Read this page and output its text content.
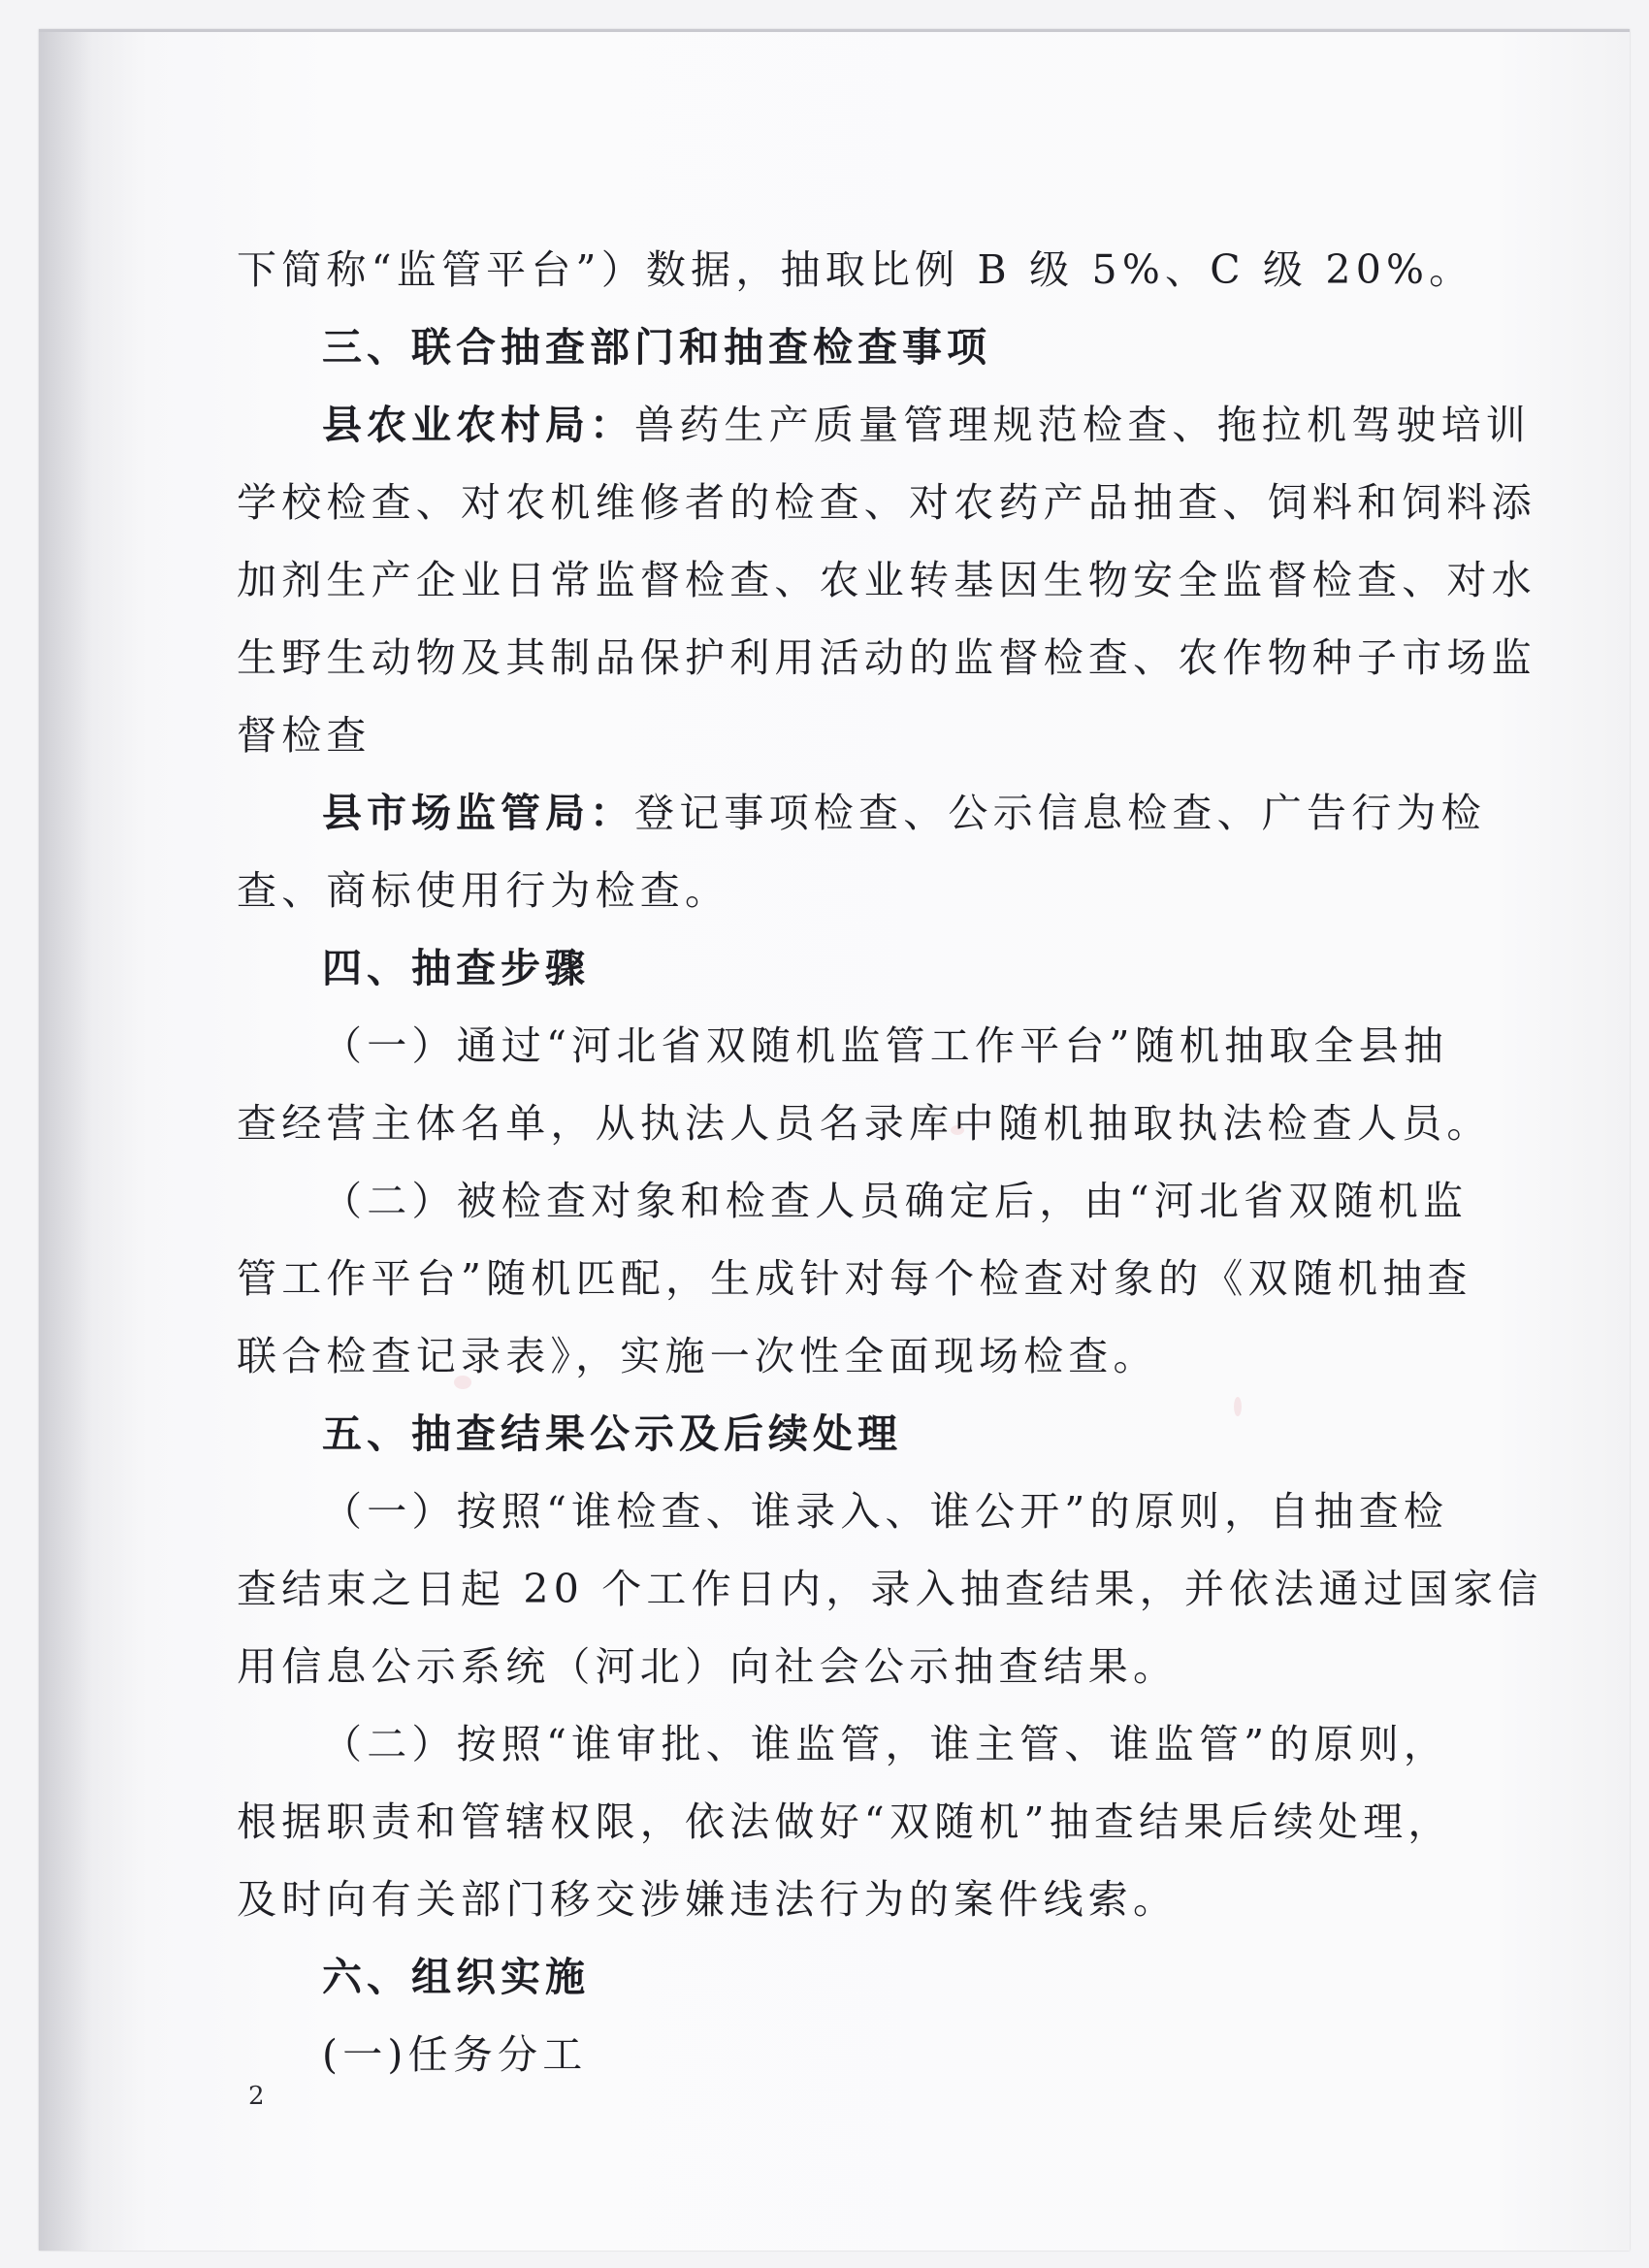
下简称“监管平台”）数据，抽取比例 B 级 5%、C 级 20%。
三、联合抽查部门和抽查检查事项
县农业农村局：兽药生产质量管理规范检查、拖拉机驾驶培训
学校检查、对农机维修者的检查、对农药产品抽查、饲料和饲料添
加剂生产企业日常监督检查、农业转基因生物安全监督检查、对水
生野生动物及其制品保护利用活动的监督检查、农作物种子市场监
督检查
县市场监管局：登记事项检查、公示信息检查、广告行为检
查、商标使用行为检查。
四、抽查步骤
（一）通过“河北省双随机监管工作平台”随机抽取全县抽
查经营主体名单，从执法人员名录库中随机抽取执法检查人员。
（二）被检查对象和检查人员确定后，由“河北省双随机监
管工作平台”随机匹配，生成针对每个检查对象的《双随机抽查
联合检查记录表》，实施一次性全面现场检查。
五、抽查结果公示及后续处理
（一）按照“谁检查、谁录入、谁公开”的原则，自抽查检
查结束之日起 20 个工作日内，录入抽查结果，并依法通过国家信
用信息公示系统（河北）向社会公示抽查结果。
（二）按照“谁审批、谁监管，谁主管、谁监管”的原则，
根据职责和管辖权限，依法做好“双随机”抽查结果后续处理，
及时向有关部门移交涉嫌违法行为的案件线索。
六、组织实施
(一)任务分工
2
